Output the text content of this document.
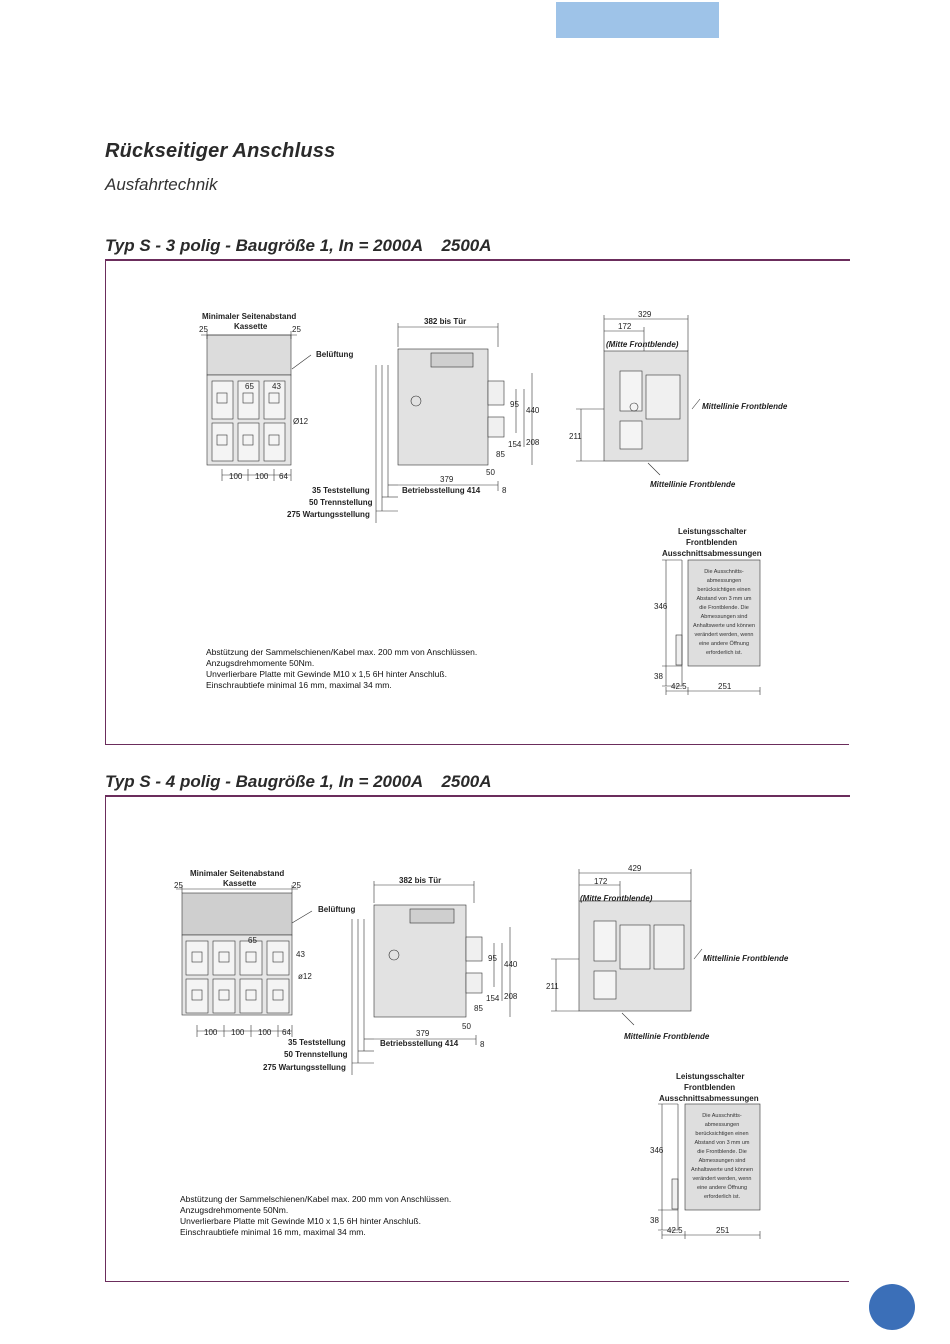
Rückseitiger Anschluss
Ausfahrtechnik
Typ S - 3 polig - Baugröße 1, In = 2000A    2500A
Minimaler Seitenabstand
Kassette
25	25
Belüftung
65 43
Ø12
100 100 64
382 bis Tür
379
50
8
Betriebsstellung 414
35 Teststellung
50 Trennstellung
275 Wartungsstellung
95
440
85
154 208
329
172
(Mitte Frontblende)
211
Mittellinie Frontblende
Mittellinie Frontblende
Leistungsschalter
Frontblenden
Ausschnittsabmessungen
346
38
42.5	251
Die Ausschnitts-
abmessungen
berücksichtigen einen
Abstand von 3 mm um
die Frontblende. Die
Abmessungen sind
Anhaltswerte und können
verändert werden, wenn
eine andere Öffnung
erforderlich ist.
Abstützung der Sammelschienen/Kabel max. 200 mm von Anschlüssen.
Anzugsdrehmomente 50Nm.
Unverlierbare Platte mit Gewinde M10 x 1,5 6H hinter Anschluß.
Einschraubtiefe minimal 16 mm, maximal 34 mm.
Typ S - 4 polig - Baugröße 1, In = 2000A    2500A
Minimaler Seitenabstand
Kassette
25	25
Belüftung
65
43
ø12
100 100 100 64
382 bis Tür
379
50
8
Betriebsstellung 414
35 Teststellung
50 Trennstellung
275 Wartungsstellung
95
440
85
154 208
429
172
(Mitte Frontblende)
211
Mittellinie Frontblende
Mittellinie Frontblende
Leistungsschalter
Frontblenden
Ausschnittsabmessungen
346
38
42.5	251
Die Ausschnitts-
abmessungen
berücksichtigen einen
Abstand von 3 mm um
die Frontblende. Die
Abmessungen sind
Anhaltswerte und können
verändert werden, wenn
eine andere Öffnung
erforderlich ist.
Abstützung der Sammelschienen/Kabel max. 200 mm von Anschlüssen.
Anzugsdrehmomente 50Nm.
Unverlierbare Platte mit Gewinde M10 x 1,5 6H hinter Anschluß.
Einschraubtiefe minimal 16 mm, maximal 34 mm.
